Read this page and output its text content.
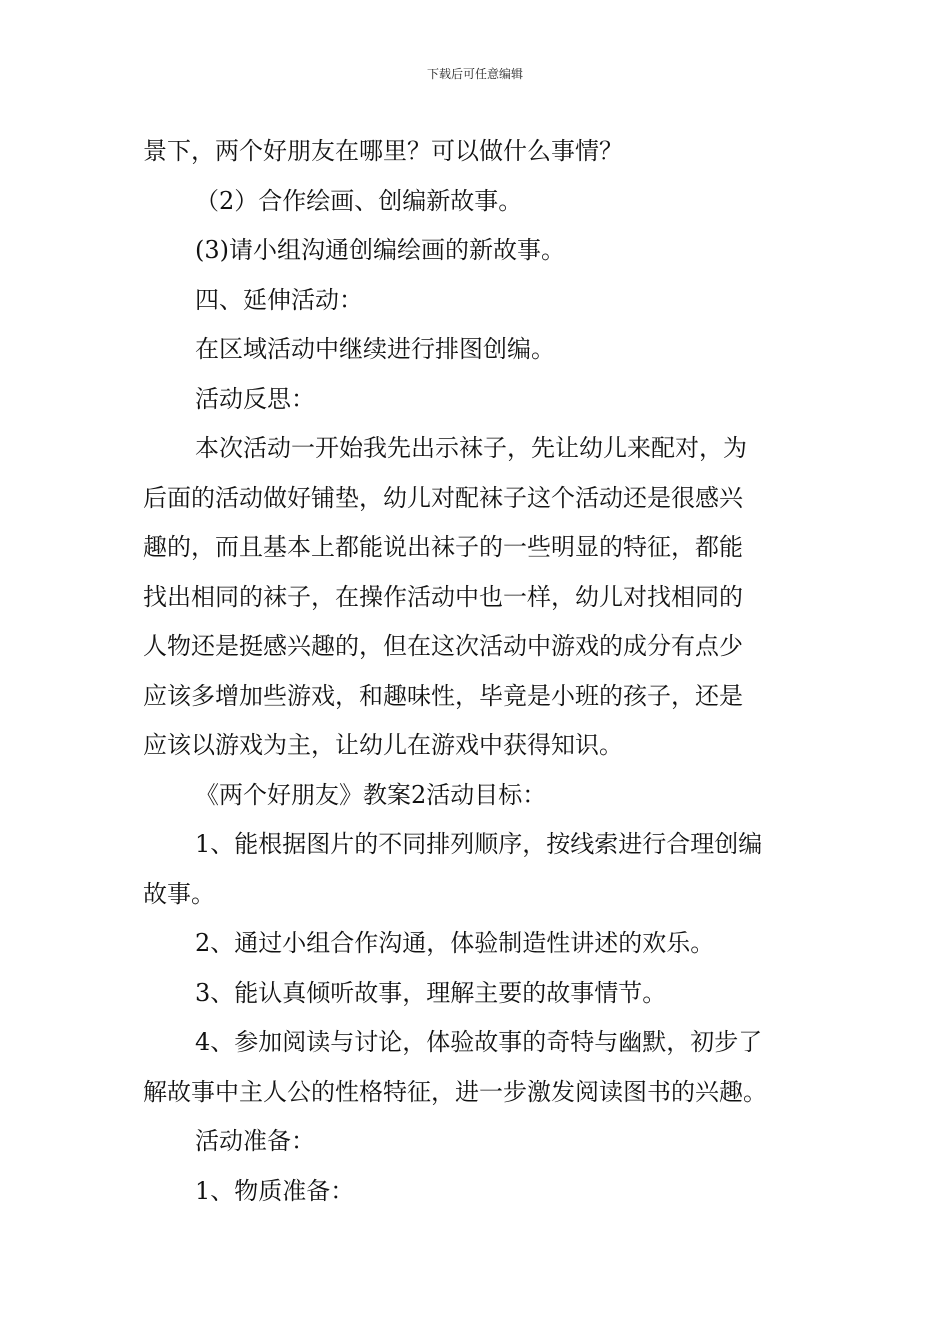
下载后可任意编辑
景下，两个好朋友在哪里？可以做什么事情？
（2）合作绘画、创编新故事。
(3)请小组沟通创编绘画的新故事。
四、延伸活动：
在区域活动中继续进行排图创编。
活动反思：
本次活动一开始我先出示袜子，先让幼儿来配对，为
后面的活动做好铺垫，幼儿对配袜子这个活动还是很感兴
趣的，而且基本上都能说出袜子的一些明显的特征，都能
找出相同的袜子，在操作活动中也一样，幼儿对找相同的
人物还是挺感兴趣的，但在这次活动中游戏的成分有点少
应该多增加些游戏，和趣味性，毕竟是小班的孩子，还是
应该以游戏为主，让幼儿在游戏中获得知识。
《两个好朋友》教案2活动目标：
1、能根据图片的不同排列顺序，按线索进行合理创编
故事。
2、通过小组合作沟通，体验制造性讲述的欢乐。
3、能认真倾听故事，理解主要的故事情节。
4、参加阅读与讨论，体验故事的奇特与幽默，初步了
解故事中主人公的性格特征，进一步激发阅读图书的兴趣。
活动准备：
1、物质准备：
